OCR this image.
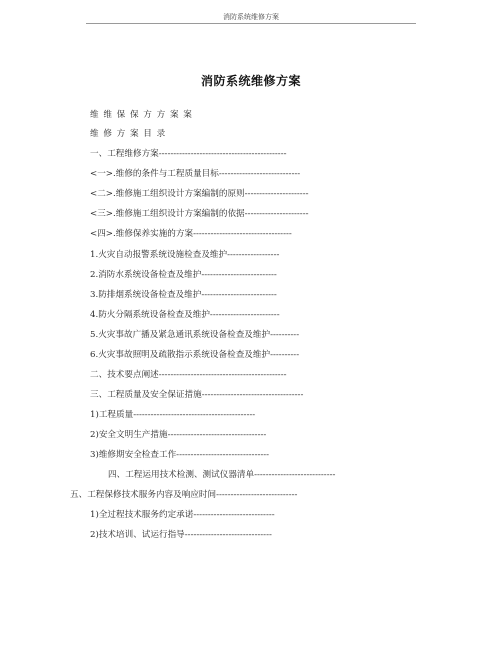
消防系统维修方案
消防系统维修方案
维 维 保 保 方 方 案 案
维 修 方 案 目 录
一、工程维修方案--------------------------------------------
<一>.维修的条件与工程质量目标----------------------------
<二>.维修施工组织设计方案编制的原则----------------------
<三>.维修施工组织设计方案编制的依据----------------------
<四>.维修保养实施的方案----------------------------------
1.火灾自动报警系统设施检查及维护------------------
2.消防水系统设备检查及维护--------------------------
3.防排烟系统设备检查及维护--------------------------
4.防火分隔系统设备检查及维护------------------------
5.火灾事故广播及紧急通讯系统设备检查及维护----------
6.火灾事故照明及疏散指示系统设备检查及维护----------
二、技术要点阐述--------------------------------------------
三、工程质量及安全保证措施-----------------------------------
1)工程质量------------------------------------------
2)安全文明生产措施----------------------------------
3)维修期安全检查工作--------------------------------
四、工程运用技术检测、测试仪器清单----------------------------
五、工程保修技术服务内容及响应时间----------------------------
1)全过程技术服务约定承诺----------------------------
2)技术培训、试运行指导------------------------------
